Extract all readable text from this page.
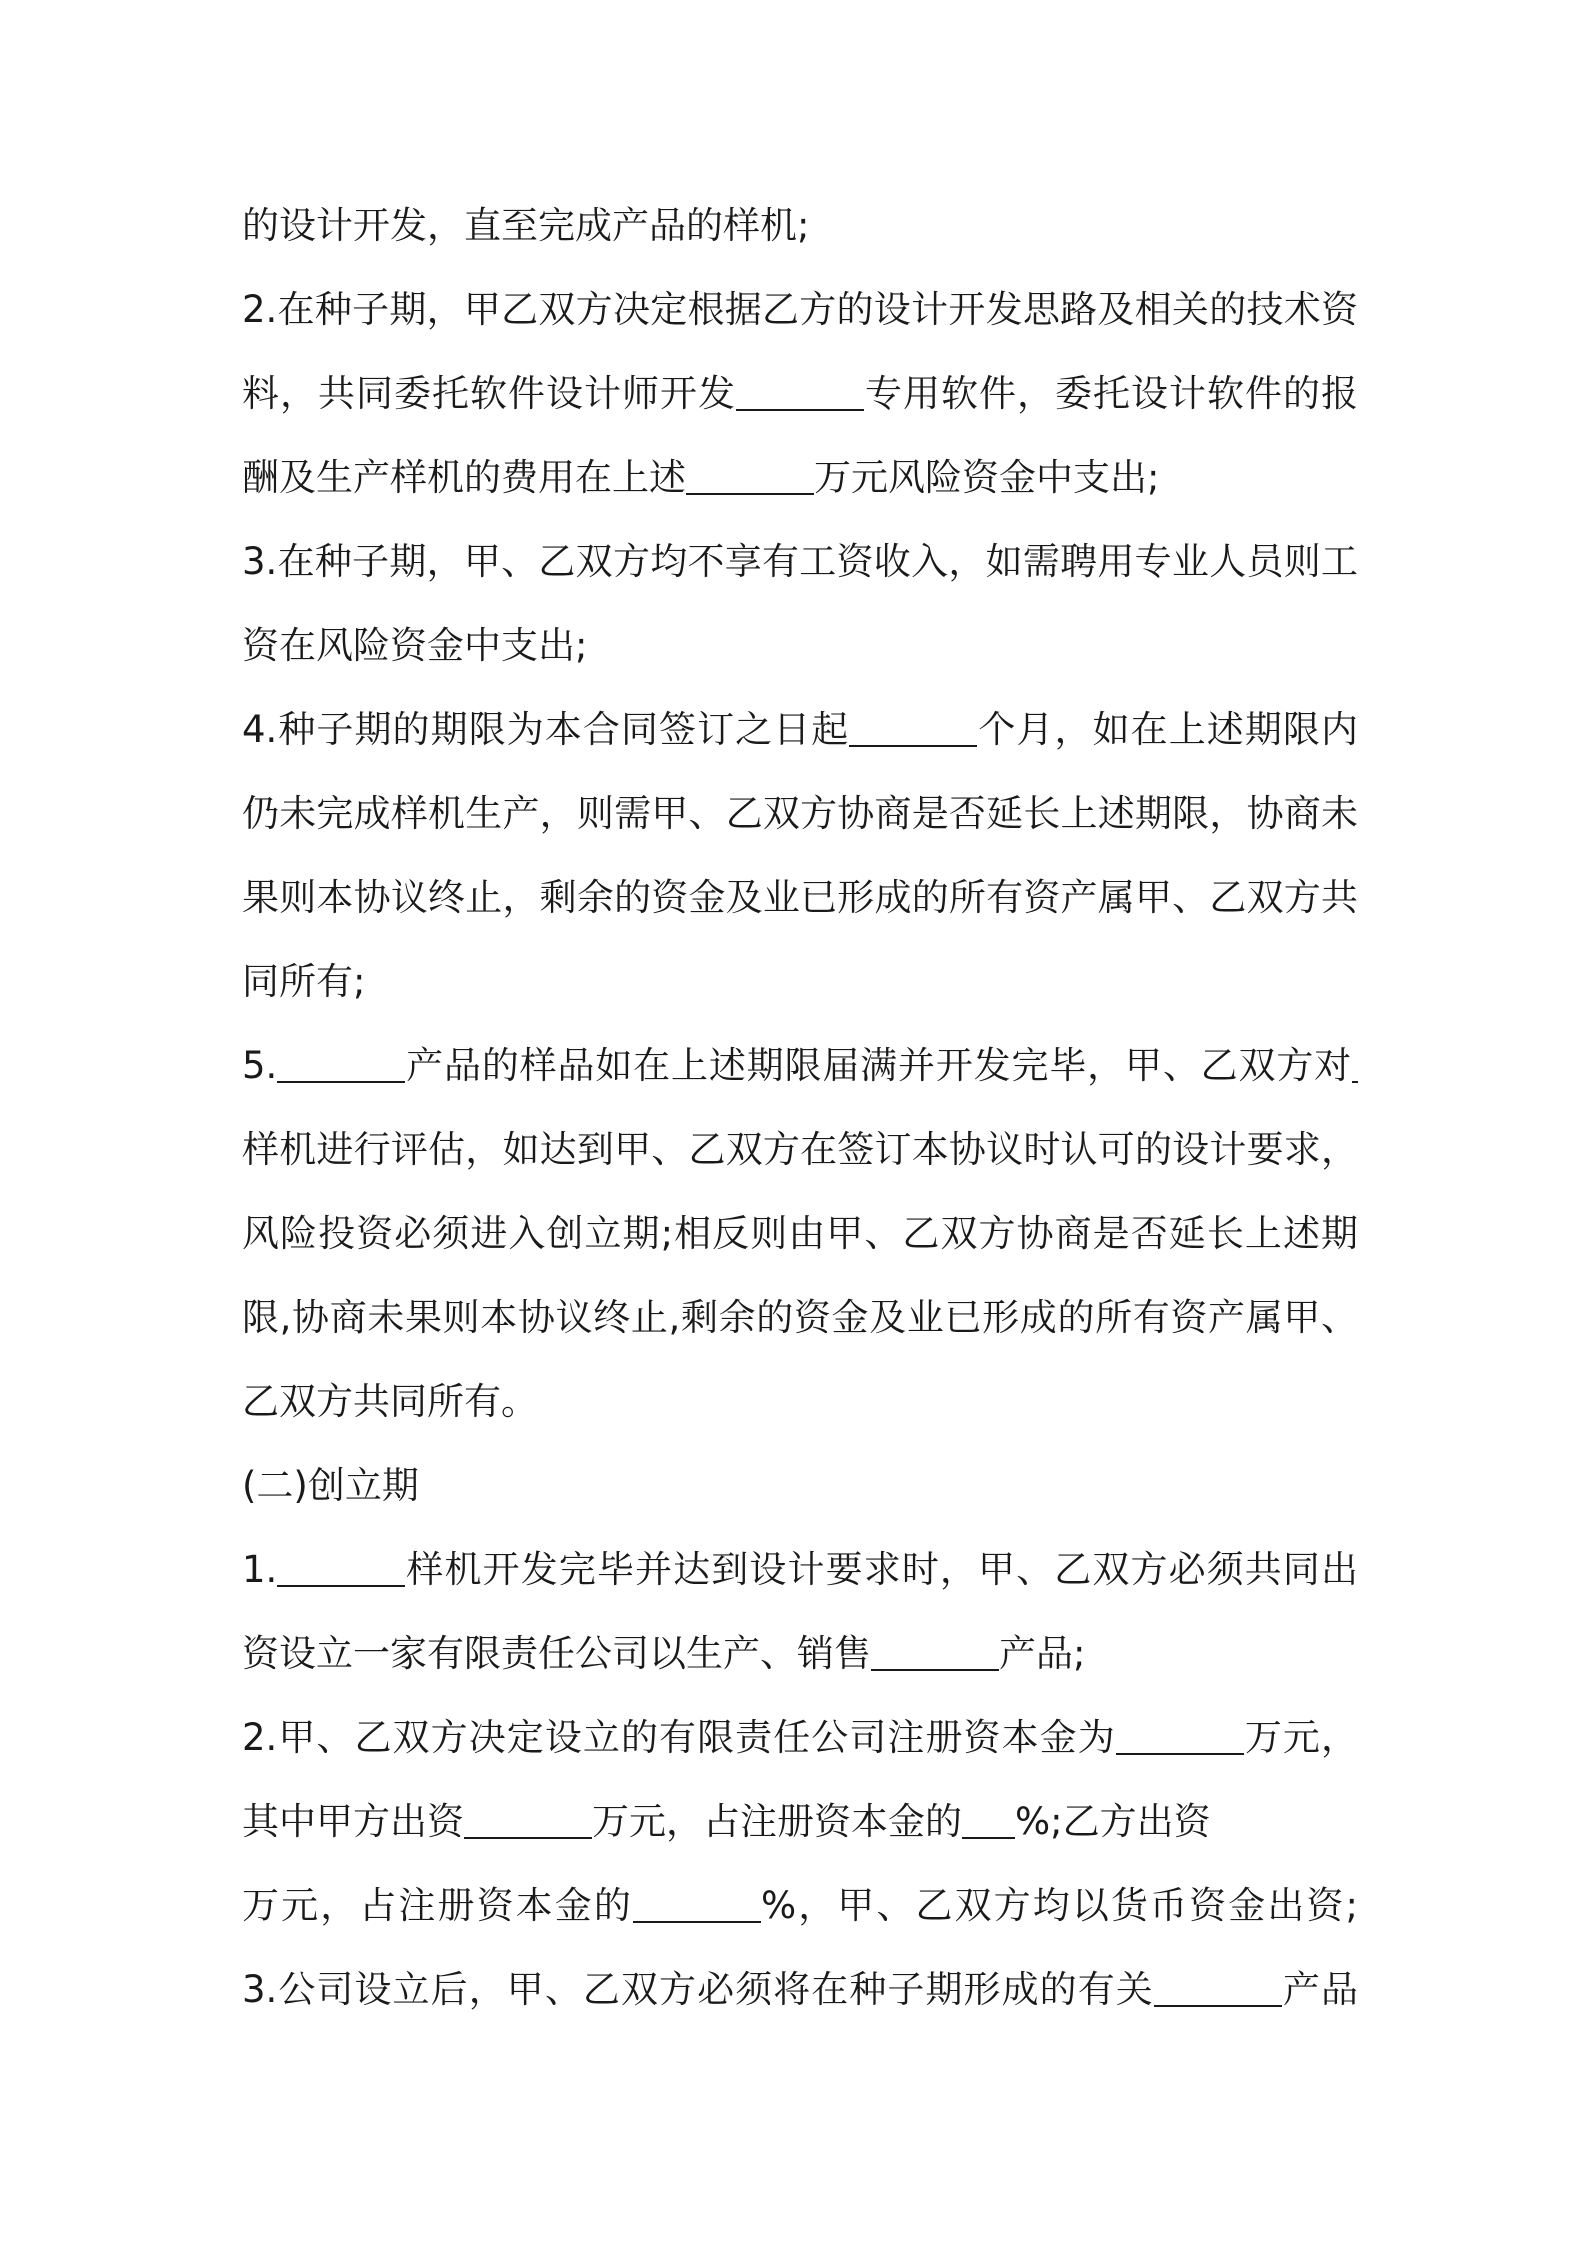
的设计开发，直至完成产品的样机;
2.在种子期，甲乙双方决定根据乙方的设计开发思路及相关的技术资
料，共同委托软件设计师开发	专用软件，委托设计软件的报
酬及生产样机的费用在上述	万元风险资金中支出;
3.在种子期，甲、乙双方均不享有工资收入，如需聘用专业人员则工
资在风险资金中支出;
4.种子期的期限为本合同签订之日起	个月，如在上述期限内
仍未完成样机生产，则需甲、乙双方协商是否延长上述期限，协商未
果则本协议终止，剩余的资金及业已形成的所有资产属甲、乙双方共
同所有;
5.	产品的样品如在上述期限届满并开发完毕，甲、乙双方对
样机进行评估，如达到甲、乙双方在签订本协议时认可的设计要求，
风险投资必须进入创立期;相反则由甲、乙双方协商是否延长上述期
限,协商未果则本协议终止,剩余的资金及业已形成的所有资产属甲、
乙双方共同所有。
(二)创立期
1.	样机开发完毕并达到设计要求时，甲、乙双方必须共同出
资设立一家有限责任公司以生产、销售	产品;
2.甲、乙双方决定设立的有限责任公司注册资本金为	万元，
其中甲方出资	万元，占注册资本金的 %;乙方出资
万元，占注册资本金的	%，甲、乙双方均以货币资金出资;
3.公司设立后，甲、乙双方必须将在种子期形成的有关	产品
